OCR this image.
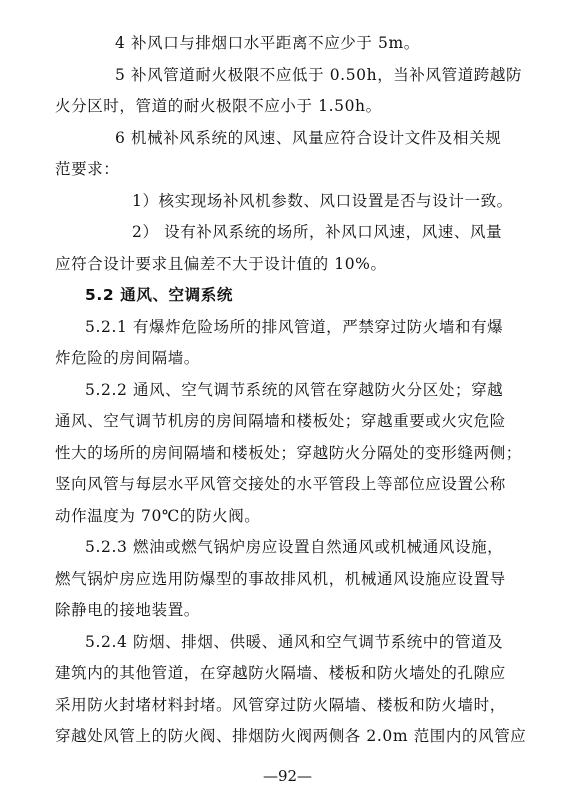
4 补风口与排烟口水平距离不应少于 5m。
5 补风管道耐火极限不应低于 0.50h，当补风管道跨越防
火分区时，管道的耐火极限不应小于 1.50h。
6 机械补风系统的风速、风量应符合设计文件及相关规
范要求：
1）核实现场补风机参数、风口设置是否与设计一致。
2） 设有补风系统的场所，补风口风速，风速、风量
应符合设计要求且偏差不大于设计值的 10%。
5.2 通风、空调系统
5.2.1 有爆炸危险场所的排风管道，严禁穿过防火墙和有爆
炸危险的房间隔墙。
5.2.2 通风、空气调节系统的风管在穿越防火分区处；穿越
通风、空气调节机房的房间隔墙和楼板处；穿越重要或火灾危险
性大的场所的房间隔墙和楼板处；穿越防火分隔处的变形缝两侧；
竖向风管与每层水平风管交接处的水平管段上等部位应设置公称
动作温度为 70℃的防火阀。
5.2.3 燃油或燃气锅炉房应设置自然通风或机械通风设施，
燃气锅炉房应选用防爆型的事故排风机，机械通风设施应设置导
除静电的接地装置。
5.2.4 防烟、排烟、供暖、通风和空气调节系统中的管道及
建筑内的其他管道，在穿越防火隔墙、楼板和防火墙处的孔隙应
采用防火封堵材料封堵。风管穿过防火隔墙、楼板和防火墙时，
穿越处风管上的防火阀、排烟防火阀两侧各 2.0m 范围内的风管应
—92—
